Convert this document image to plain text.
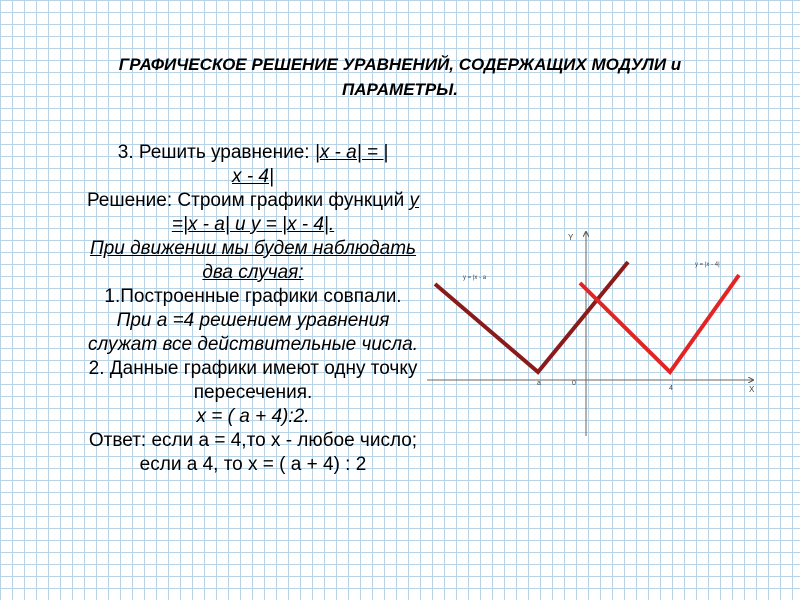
ГРАФИЧЕСКОЕ РЕШЕНИЕ УРАВНЕНИЙ, СОДЕРЖАЩИХ МОДУЛИ и
ПАРАМЕТРЫ.
3. Решить уравнение: |х - а| = |
х - 4|
Решение: Строим графики функций у =|х - а| и у = |х - 4|.
При движении мы будем наблюдать два случая:
1.Построенные графики совпали.
При а =4 решением уравнения служат все действительные числа.
2. Данные графики имеют одну точку пересечения.
х = ( а + 4):2.
Ответ: если а = 4,то х - любое число;
если а 4, то х = ( а + 4) : 2
Y
X
0
a
4
у = |х - а
у = |х - 4|
